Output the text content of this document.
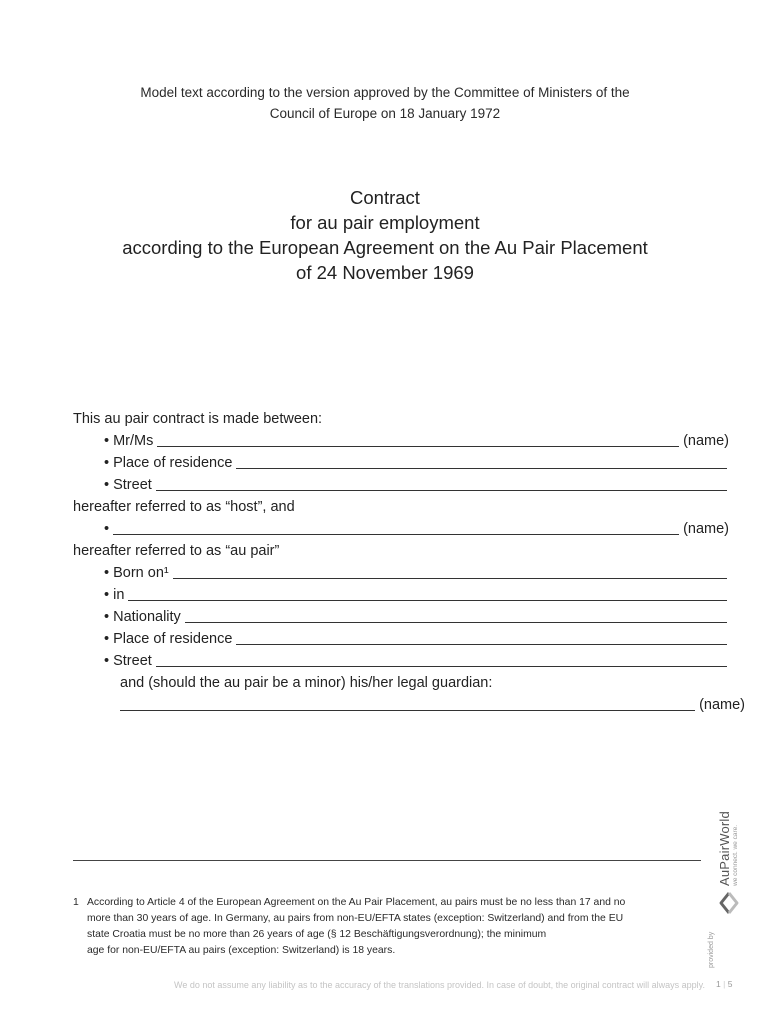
Model text according to the version approved by the Committee of Ministers of the
Council of Europe on 18 January 1972
Contract
for au pair employment
according to the European Agreement on the Au Pair Placement
of 24 November 1969
This au pair contract is made between:
• Mr/Ms	(name)
• Place of residence
• Street
hereafter referred to as “host”, and
•	(name)
hereafter referred to as “au pair”
• Born on¹
• in
• Nationality
• Place of residence
• Street
and (should the au pair be a minor) his/her legal guardian:
(name)
1 According to Article 4 of the European Agreement on the Au Pair Placement, au pairs must be no less than 17 and no
more than 30 years of age. In Germany, au pairs from non-EU/EFTA states (exception: Switzerland) and from the EU
state Croatia must be no more than 26 years of age (§ 12 Beschäftigungsverordnung); the minimum
age for non-EU/EFTA au pairs (exception: Switzerland) is 18 years.
We do not assume any liability as to the accuracy of the translations provided. In case of doubt, the original contract will always apply. 1 | 5
provided by
AuPairWorld we connect. we care.
